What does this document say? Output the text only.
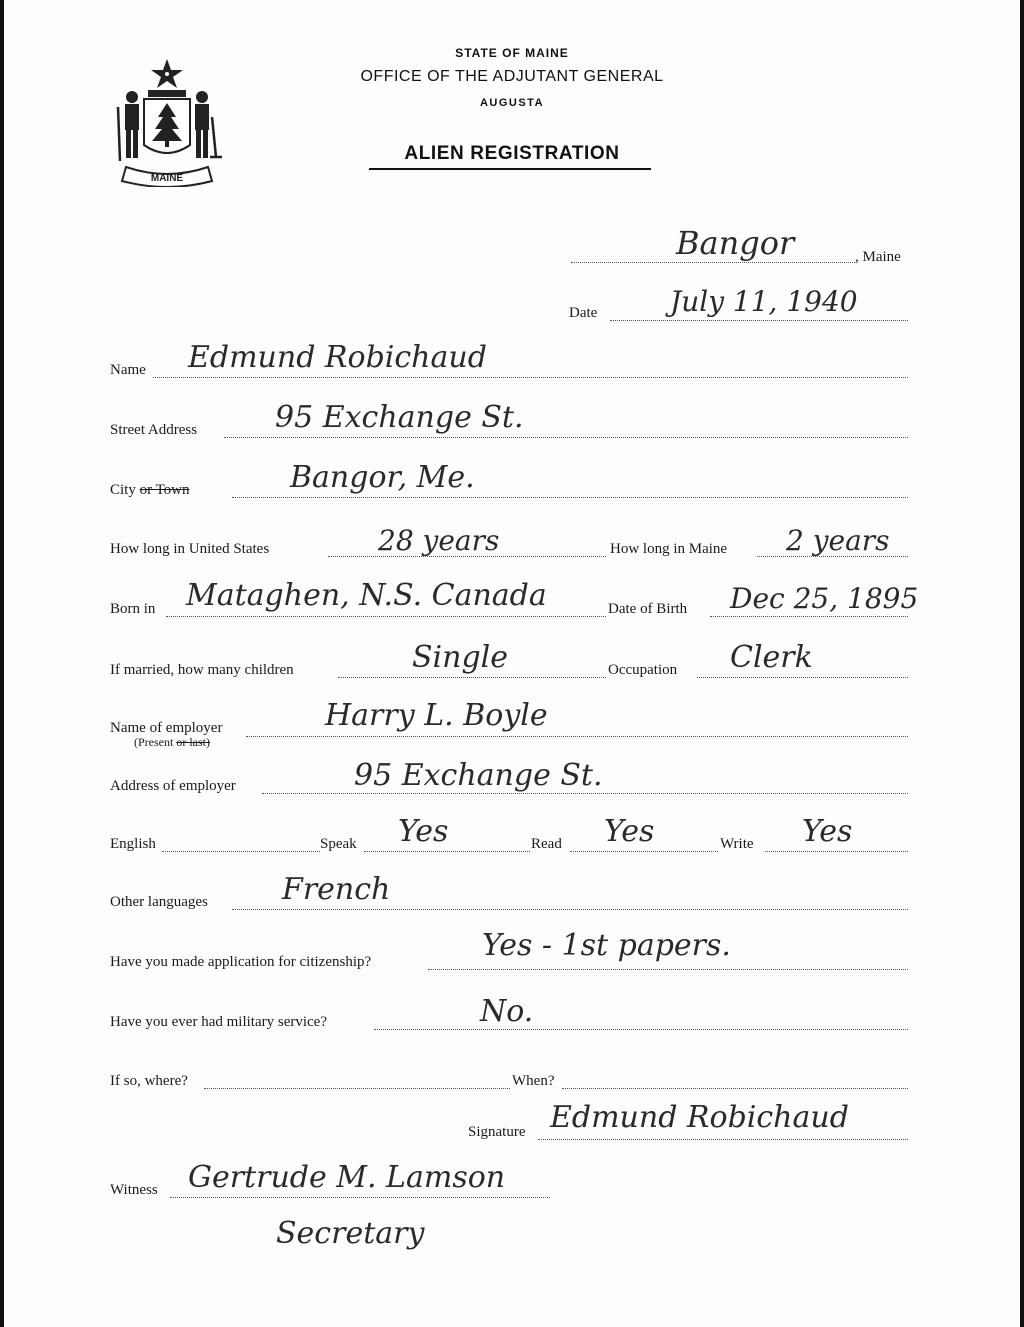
MAINE
STATE OF MAINE
OFFICE OF THE ADJUTANT GENERAL
AUGUSTA
ALIEN REGISTRATION
Bangor	, Maine
Date	July 11, 1940
Name Edmund Robichaud
Street Address	95 Exchange St.
City or Town	Bangor, Me.
How long in United States	28 years	How long in Maine 2 years
Born in Mataghen, N.S. Canada	Date of Birth Dec 25, 1895
If married, how many children	Single	Occupation Clerk
Name of employer
(Present or last)
Harry L. Boyle
Address of employer	95 Exchange St.
English	Speak Yes	Read Yes	Write Yes
Other languages French
Have you made application for citizenship?	Yes - 1st papers.
Have you ever had military service?	No.
If so, where?	When?
Signature Edmund Robichaud
Witness Gertrude M. Lamson
Secretary
